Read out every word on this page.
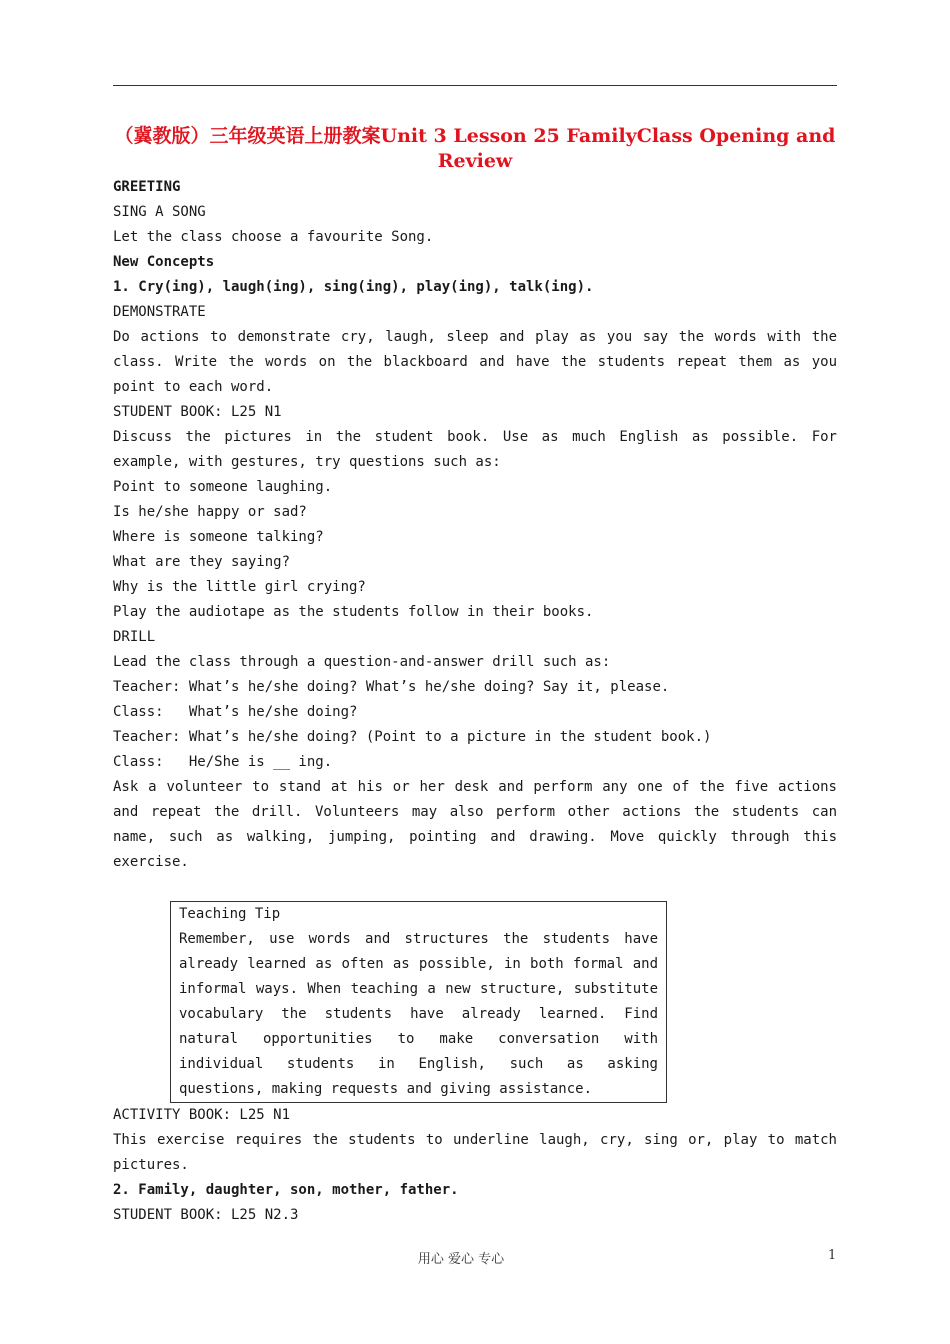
（冀教版）三年级英语上册教案Unit 3 Lesson 25 FamilyClass Opening and Review
GREETING
SING A SONG
Let the class choose a favourite Song.
New Concepts
1. Cry(ing), laugh(ing), sing(ing), play(ing), talk(ing).
DEMONSTRATE
Do actions to demonstrate cry, laugh, sleep and play as you say the words with the class. Write the words on the blackboard and have the students repeat them as you point to each word.
STUDENT BOOK: L25 N1
Discuss the pictures in the student book. Use as much English as possible. For example, with gestures, try questions such as:
Point to someone laughing.
Is he/she happy or sad?
Where is someone talking?
What are they saying?
Why is the little girl crying?
Play the audiotape as the students follow in their books.
DRILL
Lead the class through a question-and-answer drill such as:
Teacher: What’s he/she doing? What’s he/she doing? Say it, please.
Class:   What’s he/she doing?
Teacher: What’s he/she doing? (Point to a picture in the student book.)
Class:   He/She is __ ing.
Ask a volunteer to stand at his or her desk and perform any one of the five actions and repeat the drill. Volunteers may also perform other actions the students can name, such as walking, jumping, pointing and drawing. Move quickly through this exercise.
Teaching Tip
Remember, use words and structures the students have already learned as often as possible, in both formal and informal ways. When teaching a new structure, substitute vocabulary the students have already learned. Find natural opportunities to make conversation with individual students in English, such as asking questions, making requests and giving assistance.
ACTIVITY BOOK: L25 N1
This exercise requires the students to underline laugh, cry, sing or, play to match pictures.
2. Family, daughter, son, mother, father.
STUDENT BOOK: L25 N2.3
用心 爱心 专心	1
